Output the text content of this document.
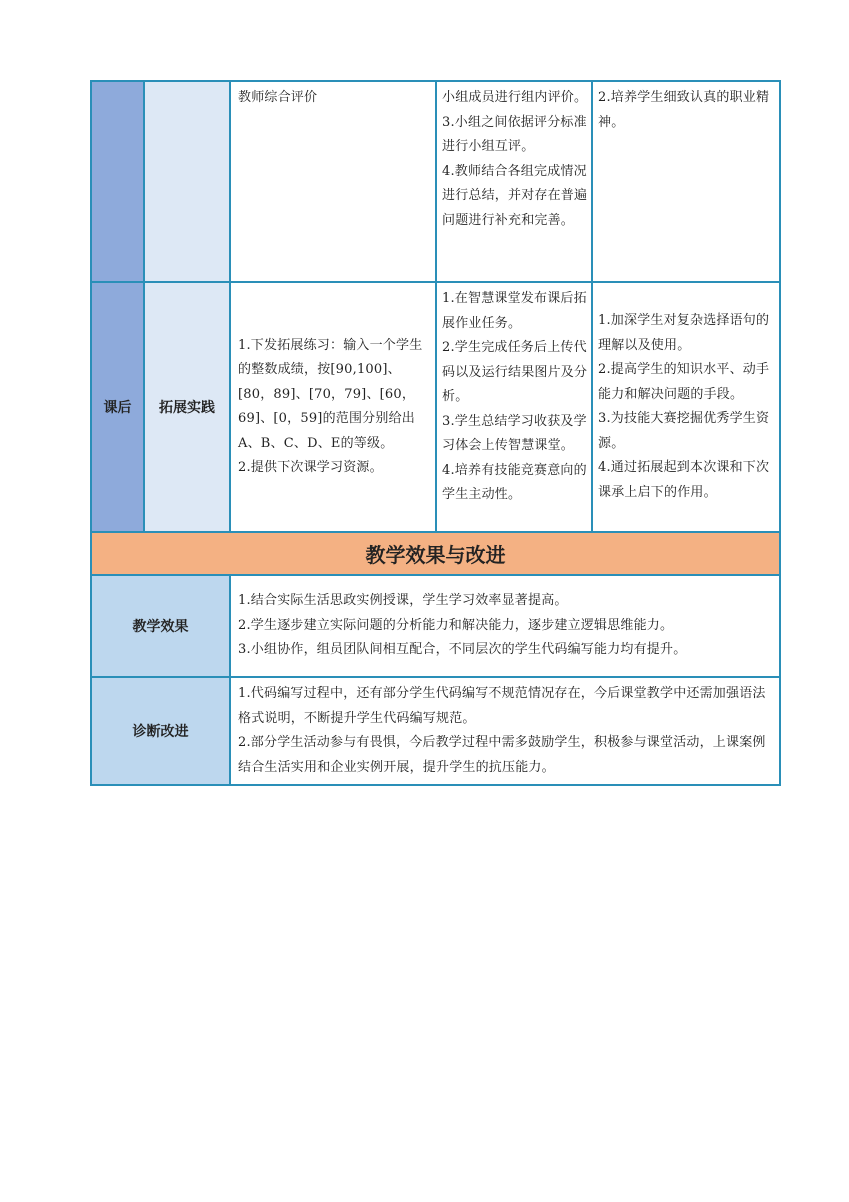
		教师综合评价	小组成员进行组内评价。
3.小组之间依据评分标准进行小组互评。
4.教师结合各组完成情况进行总结，并对存在普遍问题进行补充和完善。	2.培养学生细致认真的职业精神。

课后	拓展实践	1.下发拓展练习：输入一个学生的整数成绩，按[90,100]、[80，89]、[70，79]、[60，69]、[0，59]的范围分别给出A、B、C、D、E的等级。
2.提供下次课学习资源。	1.在智慧课堂发布课后拓展作业任务。
2.学生完成任务后上传代码以及运行结果图片及分析。
3.学生总结学习收获及学习体会上传智慧课堂。
4.培养有技能竞赛意向的学生主动性。	1.加深学生对复杂选择语句的理解以及使用。
2.提高学生的知识水平、动手能力和解决问题的手段。
3.为技能大赛挖掘优秀学生资源。
4.通过拓展起到本次课和下次课承上启下的作用。

教学效果与改进				
教学效果		1.结合实际生活思政实例授课，学生学习效率显著提高。
2.学生逐步建立实际问题的分析能力和解决能力，逐步建立逻辑思维能力。
3.小组协作，组员团队间相互配合，不同层次的学生代码编写能力均有提升。		

诊断改进		1.代码编写过程中，还有部分学生代码编写不规范情况存在，今后课堂教学中还需加强语法格式说明，不断提升学生代码编写规范。
2.部分学生活动参与有畏惧，今后教学过程中需多鼓励学生，积极参与课堂活动，上课案例结合生活实用和企业实例开展，提升学生的抗压能力。		
